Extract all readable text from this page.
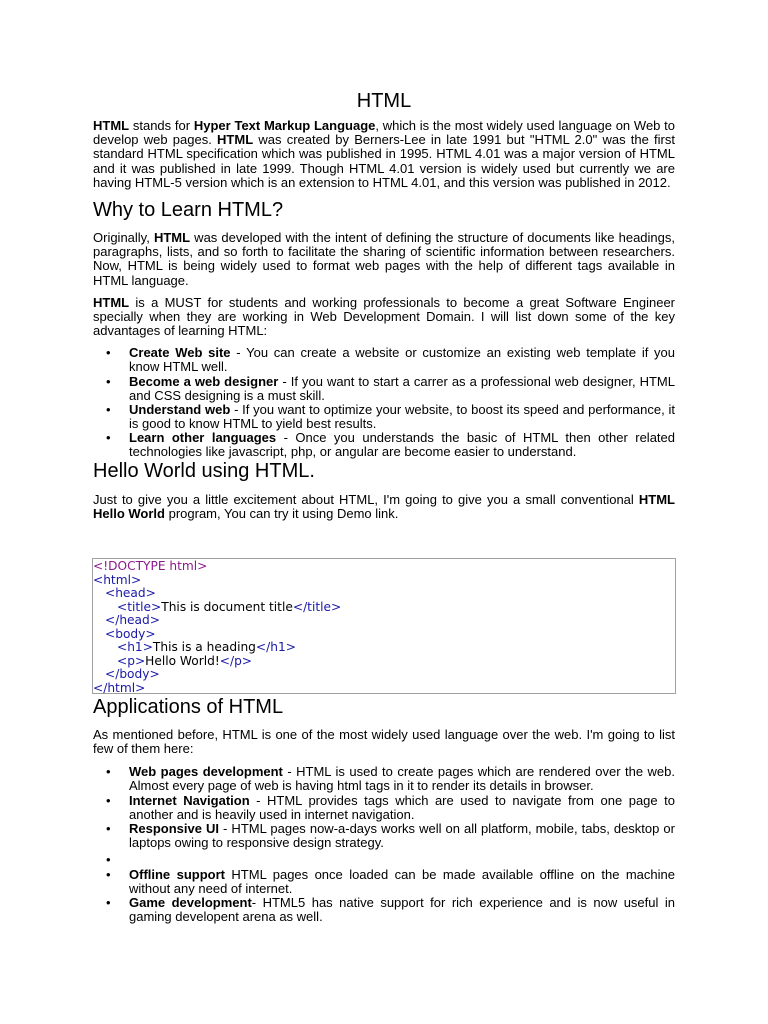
HTML

HTML stands for Hyper Text Markup Language, which is the most widely used language on Web to develop web pages. HTML was created by Berners-Lee in late 1991 but "HTML 2.0" was the first standard HTML specification which was published in 1995. HTML 4.01 was a major version of HTML and it was published in late 1999. Though HTML 4.01 version is widely used but currently we are having HTML-5 version which is an extension to HTML 4.01, and this version was published in 2012.

Why to Learn HTML?

Originally, HTML was developed with the intent of defining the structure of documents like headings, paragraphs, lists, and so forth to facilitate the sharing of scientific information between researchers. Now, HTML is being widely used to format web pages with the help of different tags available in HTML language.

HTML is a MUST for students and working professionals to become a great Software Engineer specially when they are working in Web Development Domain. I will list down some of the key advantages of learning HTML:

• Create Web site - You can create a website or customize an existing web template if you know HTML well.

• Become a web designer - If you want to start a carrer as a professional web designer, HTML and CSS designing is a must skill.

• Understand web - If you want to optimize your website, to boost its speed and performance, it is good to know HTML to yield best results.

• Learn other languages - Once you understands the basic of HTML then other related technologies like javascript, php, or angular are become easier to understand.

Hello World using HTML.

Just to give you a little excitement about HTML, I'm going to give you a small conventional HTML Hello World program, You can try it using Demo link.

<!DOCTYPE html>
<html>
<head>
<title>This is document title</title>
</head>
<body>
<h1>This is a heading</h1>
<p>Hello World!</p>
</body>
</html>
Applications of HTML

As mentioned before, HTML is one of the most widely used language over the web. I'm going to list few of them here:

• Web pages development - HTML is used to create pages which are rendered over the web. Almost every page of web is having html tags in it to render its details in browser.

• Internet Navigation - HTML provides tags which are used to navigate from one page to another and is heavily used in internet navigation.

• Responsive UI - HTML pages now-a-days works well on all platform, mobile, tabs, desktop or laptops owing to responsive design strategy.

•

• Offline support HTML pages once loaded can be made available offline on the machine without any need of internet.

• Game development- HTML5 has native support for rich experience and is now useful in gaming developent arena as well.
